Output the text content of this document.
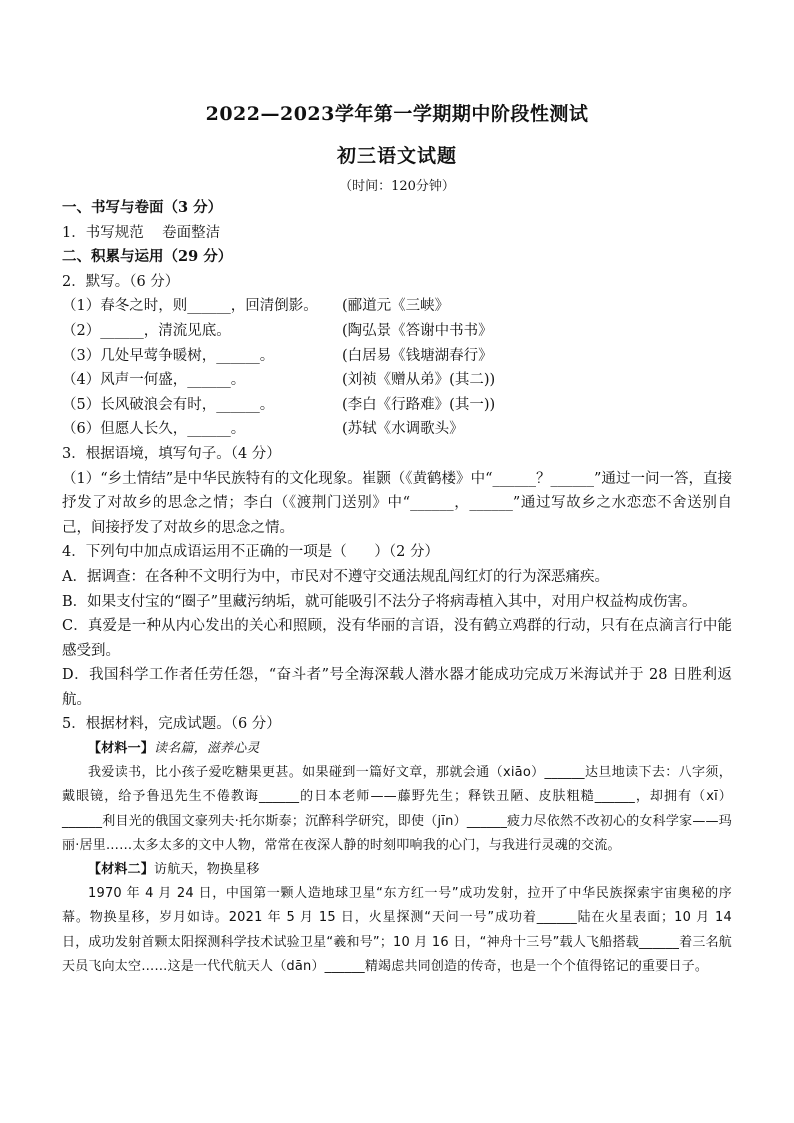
2022—2023学年第一学期期中阶段性测试
初三语文试题
（时间：120分钟）
一、书写与卷面（3 分）
1．书写规范    卷面整洁
二、积累与运用（29 分）
2．默写。（6 分）
（1）春冬之时，则______，回清倒影。	(郦道元《三峡》
（2）______，清流见底。	(陶弘景《答谢中书书》
（3）几处早莺争暖树，______。	(白居易《钱塘湖春行》
（4）风声一何盛，______。	(刘祯《赠从弟》(其二))
（5）长风破浪会有时，______。	(李白《行路难》(其一))
（6）但愿人长久，______。	(苏轼《水调歌头》
3．根据语境，填写句子。（4 分）
（1）“乡土情结”是中华民族特有的文化现象。崔颢（《黄鹤楼》中“______？______”通过一问一答，直接抒发了对故乡的思念之情；李白（《渡荆门送别》中“______，______”通过写故乡之水恋恋不舍送别自己，间接抒发了对故乡的思念之情。
4．下列句中加点成语运用不正确的一项是（      ）（2 分）
A．据调查：在各种不文明行为中，市民对不遵守交通法规乱闯红灯的行为深恶痛疾。
B．如果支付宝的“圈子”里藏污纳垢，就可能吸引不法分子将病毒植入其中，对用户权益构成伤害。
C．真爱是一种从内心发出的关心和照顾，没有华丽的言语，没有鹤立鸡群的行动，只有在点滴言行中能感受到。
D．我国科学工作者任劳任怨，“奋斗者”号全海深载人潜水器才能成功完成万米海试并于 28 日胜利返航。
5．根据材料，完成试题。（6 分）
【材料一】读名篇，滋养心灵
我爱读书，比小孩子爱吃糖果更甚。如果碰到一篇好文章，那就会通（xiāo）______达旦地读下去：八字须，戴眼镜，给予鲁迅先生不倦教诲______的日本老师——藤野先生；释铁丑陋、皮肤粗糙______，却拥有（xī）______利目光的俄国文豪列夫·托尔斯泰；沉醉科学研究，即使（jīn）______疲力尽依然不改初心的女科学家——玛丽·居里……太多太多的文中人物，常常在夜深人静的时刻叩响我的心门，与我进行灵魂的交流。
【材料二】访航天，物换星移
1970 年 4 月 24 日，中国第一颗人造地球卫星“东方红一号”成功发射，拉开了中华民族探索宇宙奥秘的序幕。物换星移，岁月如诗。2021 年 5 月 15 日，火星探测“天问一号”成功着______陆在火星表面；10 月 14 日，成功发射首颗太阳探测科学技术试验卫星“羲和号”；10 月 16 日，“神舟十三号”载人飞船搭载______着三名航天员飞向太空……这是一代代航天人（dān）______精竭虑共同创造的传奇，也是一个个值得铭记的重要日子。
